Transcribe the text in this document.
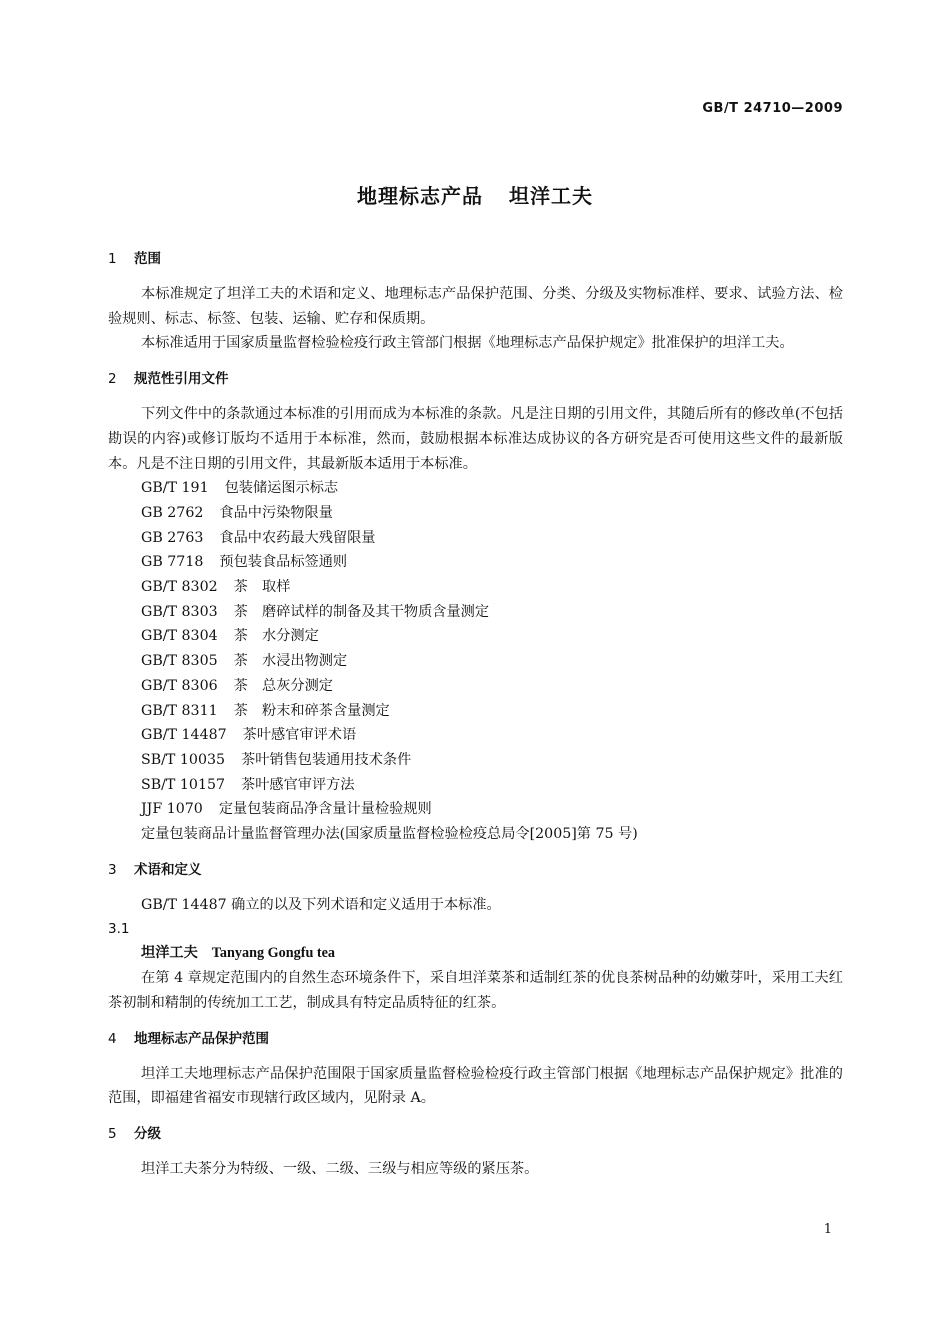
GB/T 24710—2009
地理标志产品 坦洋工夫
1 范围

本标准规定了坦洋工夫的术语和定义、地理标志产品保护范围、分类、分级及实物标准样、要求、试验方法、检验规则、标志、标签、包装、运输、贮存和保质期。

本标准适用于国家质量监督检验检疫行政主管部门根据《地理标志产品保护规定》批准保护的坦洋工夫。

2 规范性引用文件

下列文件中的条款通过本标准的引用而成为本标准的条款。凡是注日期的引用文件，其随后所有的修改单(不包括勘误的内容)或修订版均不适用于本标准，然而，鼓励根据本标准达成协议的各方研究是否可使用这些文件的最新版本。凡是不注日期的引用文件，其最新版本适用于本标准。

GB/T 191 包装储运图示标志
GB 2762 食品中污染物限量
GB 2763 食品中农药最大残留限量
GB 7718 预包装食品标签通则
GB/T 8302 茶　取样
GB/T 8303 茶　磨碎试样的制备及其干物质含量测定
GB/T 8304 茶　水分测定
GB/T 8305 茶　水浸出物测定
GB/T 8306 茶　总灰分测定
GB/T 8311 茶　粉末和碎茶含量测定
GB/T 14487 茶叶感官审评术语
SB/T 10035 茶叶销售包装通用技术条件
SB/T 10157 茶叶感官审评方法
JJF 1070 定量包装商品净含量计量检验规则
定量包装商品计量监督管理办法(国家质量监督检验检疫总局令[2005]第 75 号)
3 术语和定义

GB/T 14487 确立的以及下列术语和定义适用于本标准。

3.1
坦洋工夫 Tanyang Gongfu tea

在第 4 章规定范围内的自然生态环境条件下，采自坦洋菜茶和适制红茶的优良茶树品种的幼嫩芽叶，采用工夫红茶初制和精制的传统加工工艺，制成具有特定品质特征的红茶。

4 地理标志产品保护范围

坦洋工夫地理标志产品保护范围限于国家质量监督检验检疫行政主管部门根据《地理标志产品保护规定》批准的范围，即福建省福安市现辖行政区域内，见附录 A。

5 分级

坦洋工夫茶分为特级、一级、二级、三级与相应等级的紧压茶。

1
